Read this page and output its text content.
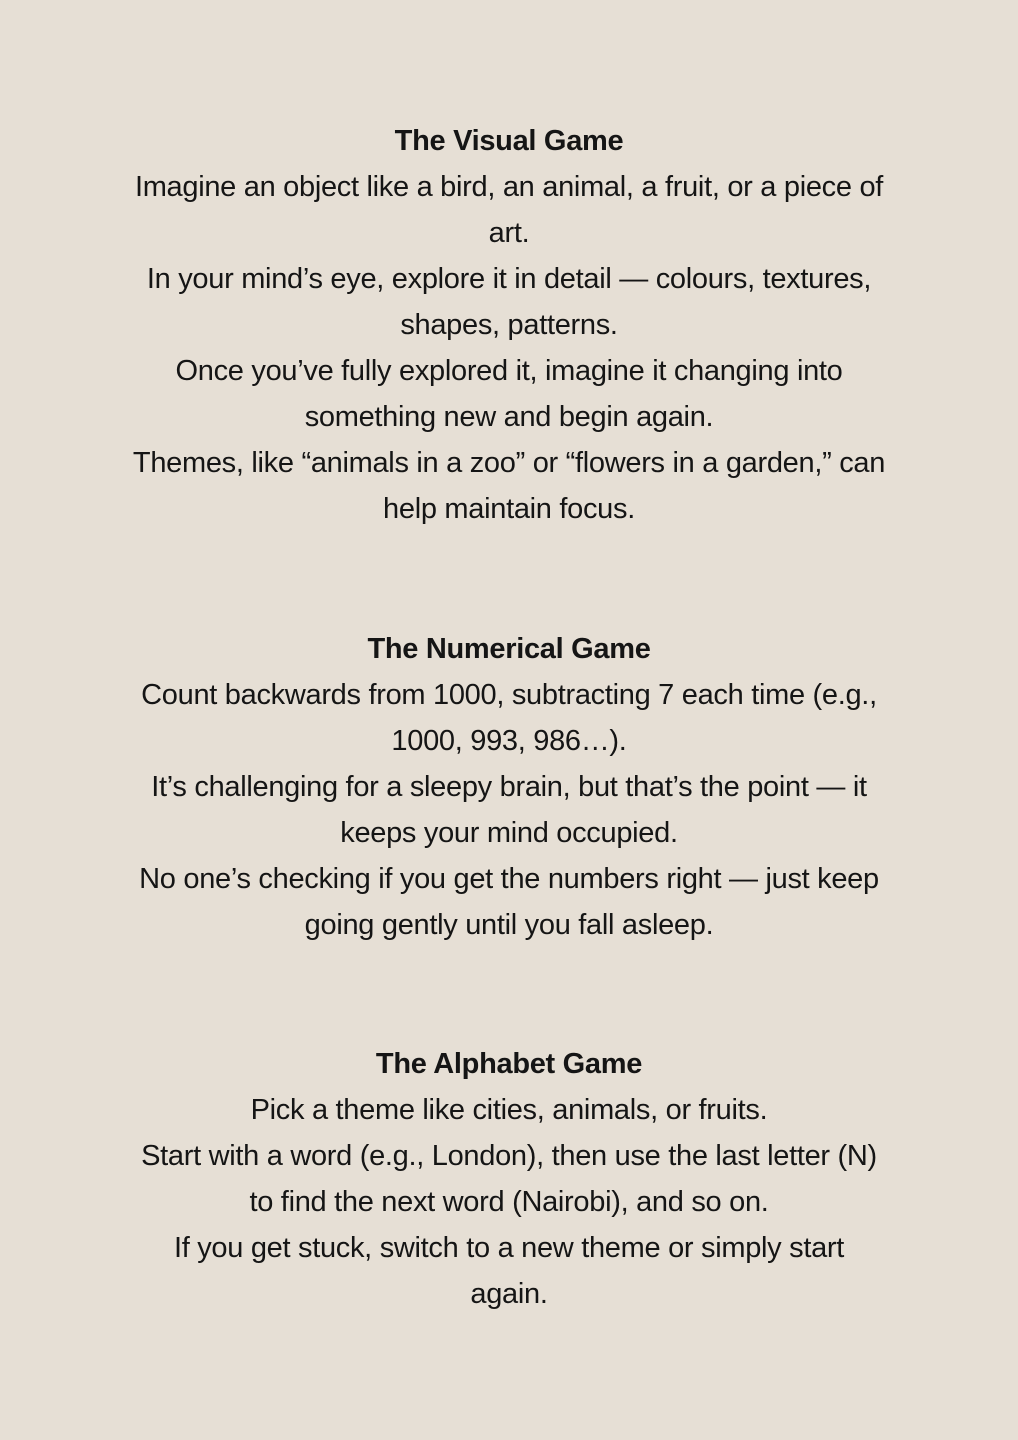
The Visual Game

Imagine an object like a bird, an animal, a fruit, or a piece of

art.

In your mind’s eye, explore it in detail — colours, textures,

shapes, patterns.

Once you’ve fully explored it, imagine it changing into

something new and begin again.

Themes, like “animals in a zoo” or “flowers in a garden,” can

help maintain focus.

The Numerical Game

Count backwards from 1000, subtracting 7 each time (e.g.,

1000, 993, 986…).

It’s challenging for a sleepy brain, but that’s the point — it

keeps your mind occupied.

No one’s checking if you get the numbers right — just keep

going gently until you fall asleep.

The Alphabet Game

Pick a theme like cities, animals, or fruits.

Start with a word (e.g., London), then use the last letter (N)

to find the next word (Nairobi), and so on.

If you get stuck, switch to a new theme or simply start

again.
